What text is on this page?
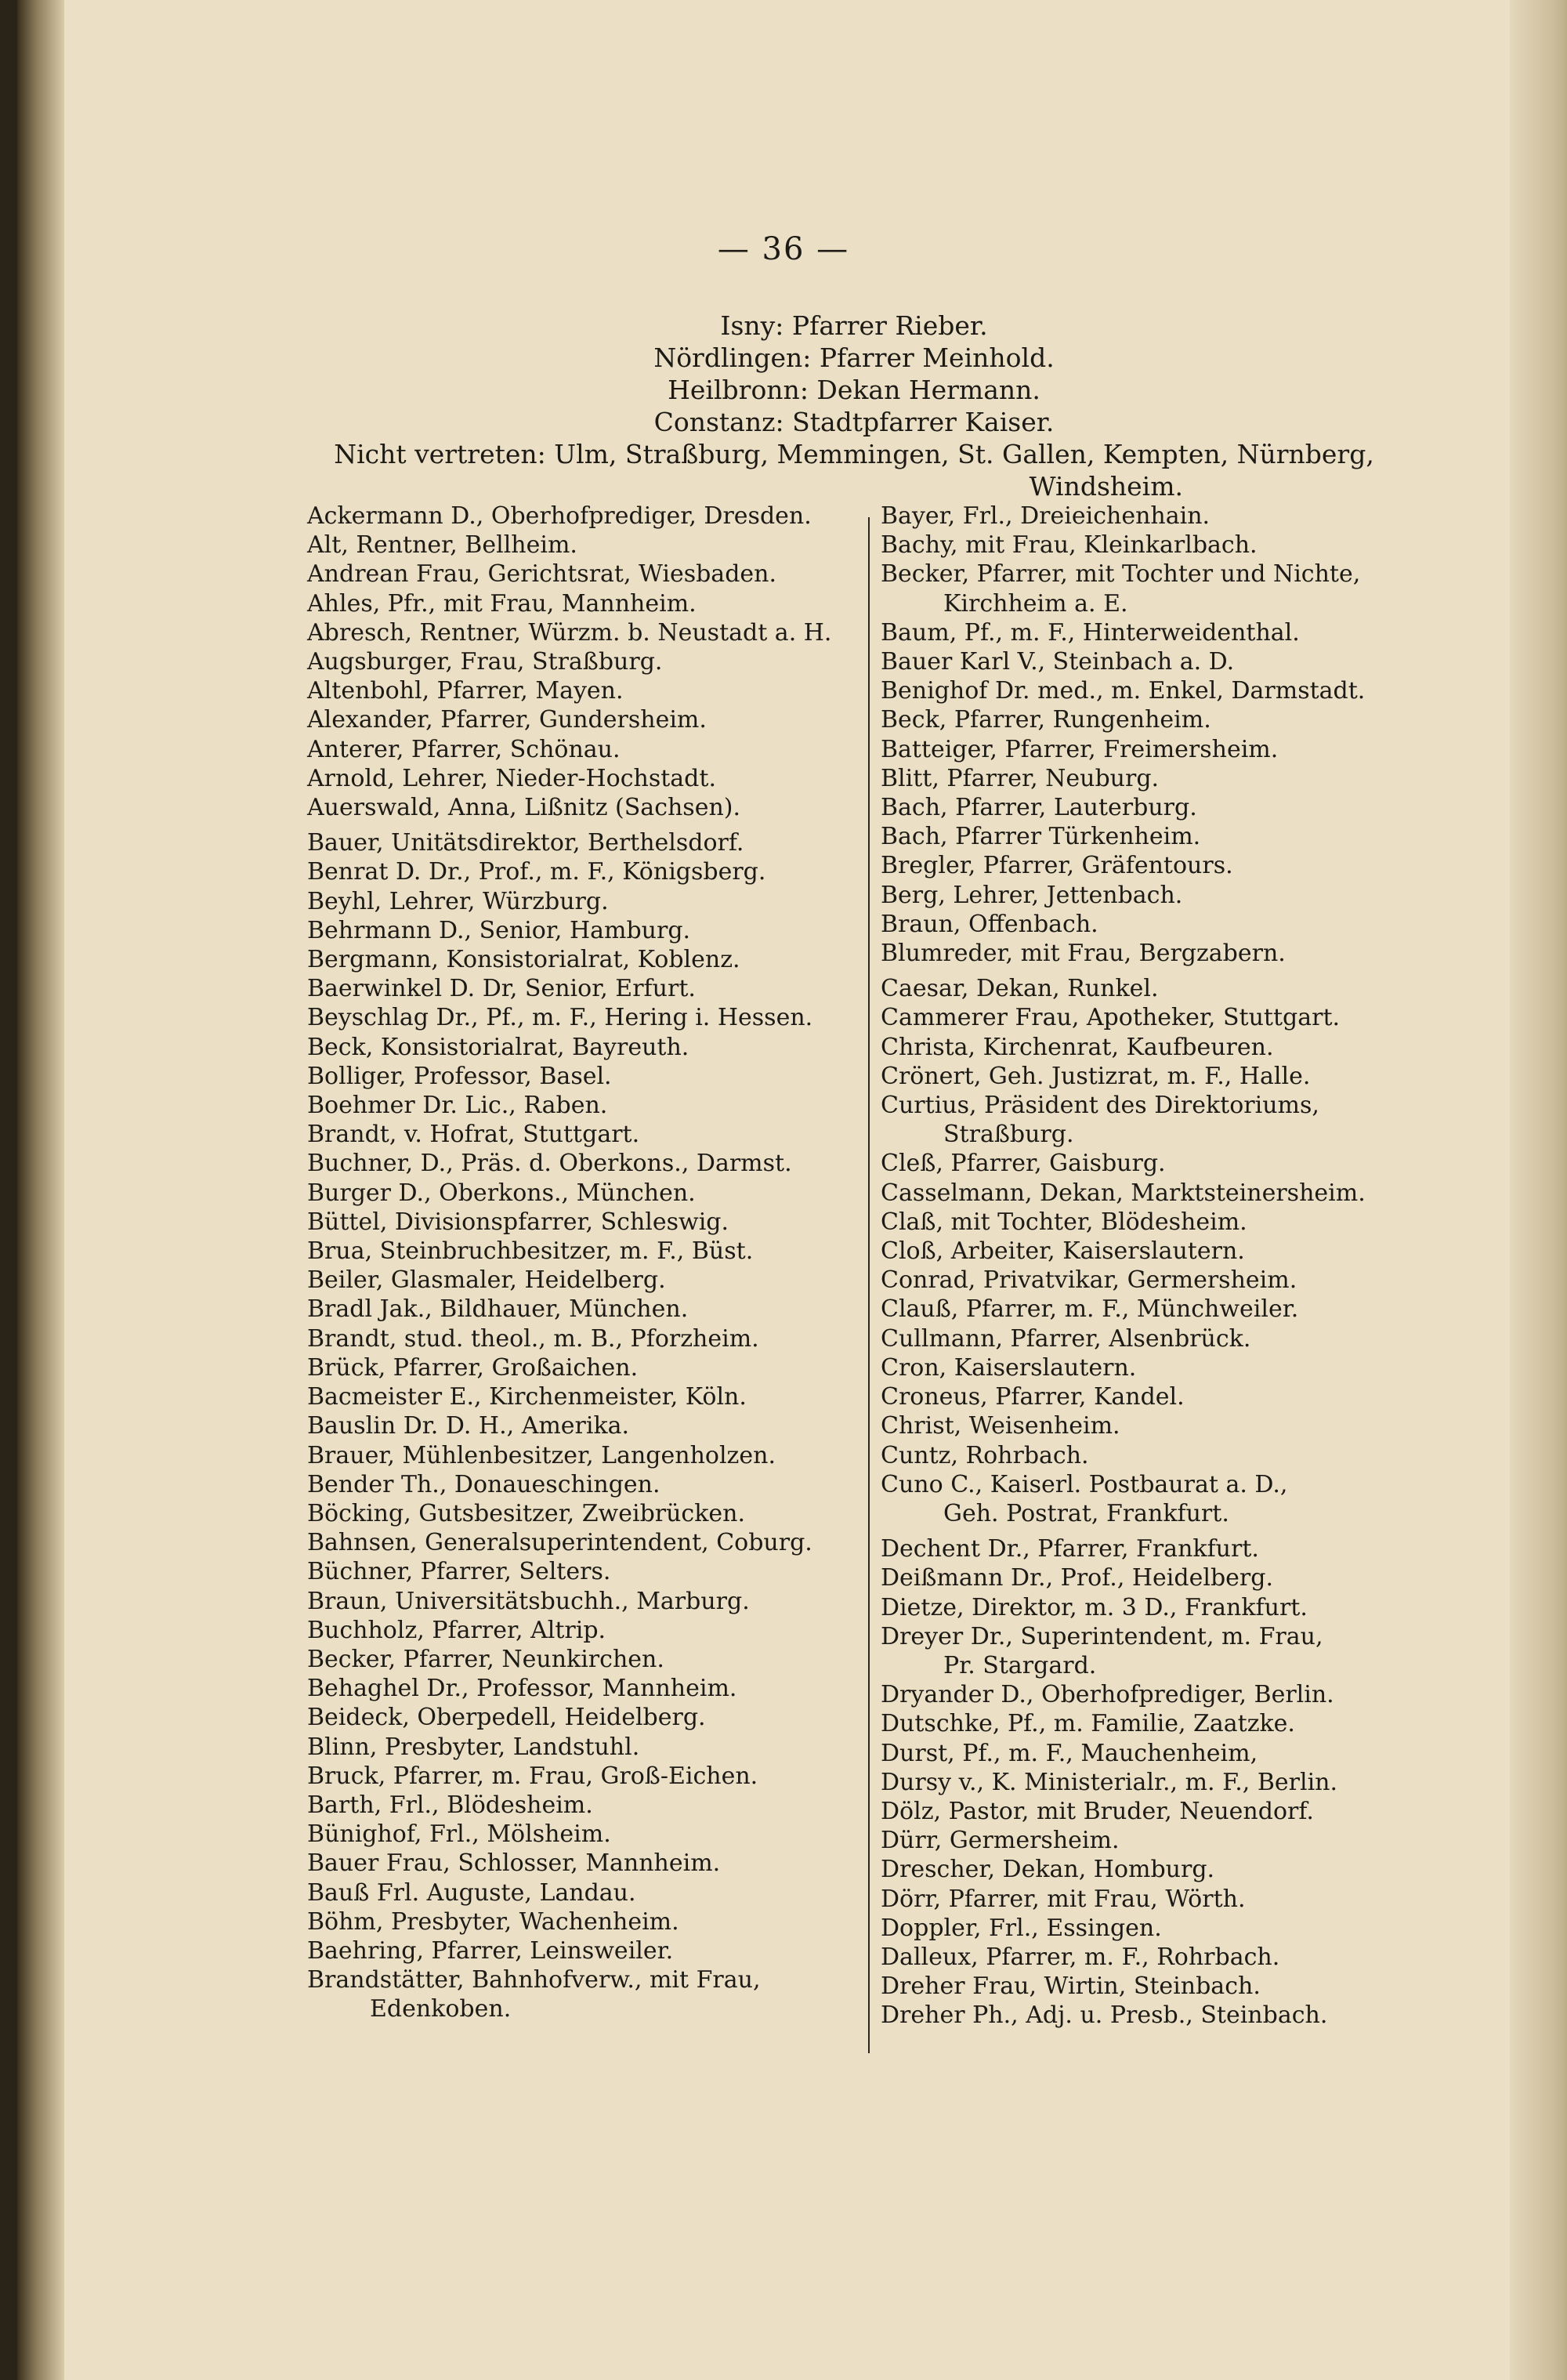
— 36 —
Isny: Pfarrer Rieber.
Nördlingen: Pfarrer Meinhold.
Heilbronn: Dekan Hermann.
Constanz: Stadtpfarrer Kaiser.
Nicht vertreten: Ulm, Straßburg, Memmingen, St. Gallen, Kempten, Nürnberg,
Windsheim.
Ackermann D., Oberhofprediger, Dresden.
Alt, Rentner, Bellheim.
Andrean Frau, Gerichtsrat, Wiesbaden.
Ahles, Pfr., mit Frau, Mannheim.
Abresch, Rentner, Würzm. b. Neustadt a. H.
Augsburger, Frau, Straßburg.
Altenbohl, Pfarrer, Mayen.
Alexander, Pfarrer, Gundersheim.
Anterer, Pfarrer, Schönau.
Arnold, Lehrer, Nieder-Hochstadt.
Auerswald, Anna, Lißnitz (Sachsen).
Bauer, Unitätsdirektor, Berthelsdorf.
Benrat D. Dr., Prof., m. F., Königsberg.
Beyhl, Lehrer, Würzburg.
Behrmann D., Senior, Hamburg.
Bergmann, Konsistorialrat, Koblenz.
Baerwinkel D. Dr, Senior, Erfurt.
Beyschlag Dr., Pf., m. F., Hering i. Hessen.
Beck, Konsistorialrat, Bayreuth.
Bolliger, Professor, Basel.
Boehmer Dr. Lic., Raben.
Brandt, v. Hofrat, Stuttgart.
Buchner, D., Präs. d. Oberkons., Darmst.
Burger D., Oberkons., München.
Büttel, Divisionspfarrer, Schleswig.
Brua, Steinbruchbesitzer, m. F., Büst.
Beiler, Glasmaler, Heidelberg.
Bradl Jak., Bildhauer, München.
Brandt, stud. theol., m. B., Pforzheim.
Brück, Pfarrer, Großaichen.
Bacmeister E., Kirchenmeister, Köln.
Bauslin Dr. D. H., Amerika.
Brauer, Mühlenbesitzer, Langenholzen.
Bender Th., Donaueschingen.
Böcking, Gutsbesitzer, Zweibrücken.
Bahnsen, Generalsuperintendent, Coburg.
Büchner, Pfarrer, Selters.
Braun, Universitätsbuchh., Marburg.
Buchholz, Pfarrer, Altrip.
Becker, Pfarrer, Neunkirchen.
Behaghel Dr., Professor, Mannheim.
Beideck, Oberpedell, Heidelberg.
Blinn, Presbyter, Landstuhl.
Bruck, Pfarrer, m. Frau, Groß-Eichen.
Barth, Frl., Blödesheim.
Bünighof, Frl., Mölsheim.
Bauer Frau, Schlosser, Mannheim.
Bauß Frl. Auguste, Landau.
Böhm, Presbyter, Wachenheim.
Baehring, Pfarrer, Leinsweiler.
Brandstätter, Bahnhofverw., mit Frau,
Edenkoben.
Bayer, Frl., Dreieichenhain.
Bachy, mit Frau, Kleinkarlbach.
Becker, Pfarrer, mit Tochter und Nichte,
Kirchheim a. E.
Baum, Pf., m. F., Hinterweidenthal.
Bauer Karl V., Steinbach a. D.
Benighof Dr. med., m. Enkel, Darmstadt.
Beck, Pfarrer, Rungenheim.
Batteiger, Pfarrer, Freimersheim.
Blitt, Pfarrer, Neuburg.
Bach, Pfarrer, Lauterburg.
Bach, Pfarrer Türkenheim.
Bregler, Pfarrer, Gräfentours.
Berg, Lehrer, Jettenbach.
Braun, Offenbach.
Blumreder, mit Frau, Bergzabern.
Caesar, Dekan, Runkel.
Cammerer Frau, Apotheker, Stuttgart.
Christa, Kirchenrat, Kaufbeuren.
Crönert, Geh. Justizrat, m. F., Halle.
Curtius, Präsident des Direktoriums,
Straßburg.
Cleß, Pfarrer, Gaisburg.
Casselmann, Dekan, Marktsteinersheim.
Claß, mit Tochter, Blödesheim.
Cloß, Arbeiter, Kaiserslautern.
Conrad, Privatvikar, Germersheim.
Clauß, Pfarrer, m. F., Münchweiler.
Cullmann, Pfarrer, Alsenbrück.
Cron, Kaiserslautern.
Croneus, Pfarrer, Kandel.
Christ, Weisenheim.
Cuntz, Rohrbach.
Cuno C., Kaiserl. Postbaurat a. D.,
Geh. Postrat, Frankfurt.
Dechent Dr., Pfarrer, Frankfurt.
Deißmann Dr., Prof., Heidelberg.
Dietze, Direktor, m. 3 D., Frankfurt.
Dreyer Dr., Superintendent, m. Frau,
Pr. Stargard.
Dryander D., Oberhofprediger, Berlin.
Dutschke, Pf., m. Familie, Zaatzke.
Durst, Pf., m. F., Mauchenheim,
Dursy v., K. Ministerialr., m. F., Berlin.
Dölz, Pastor, mit Bruder, Neuendorf.
Dürr, Germersheim.
Drescher, Dekan, Homburg.
Dörr, Pfarrer, mit Frau, Wörth.
Doppler, Frl., Essingen.
Dalleux, Pfarrer, m. F., Rohrbach.
Dreher Frau, Wirtin, Steinbach.
Dreher Ph., Adj. u. Presb., Steinbach.
